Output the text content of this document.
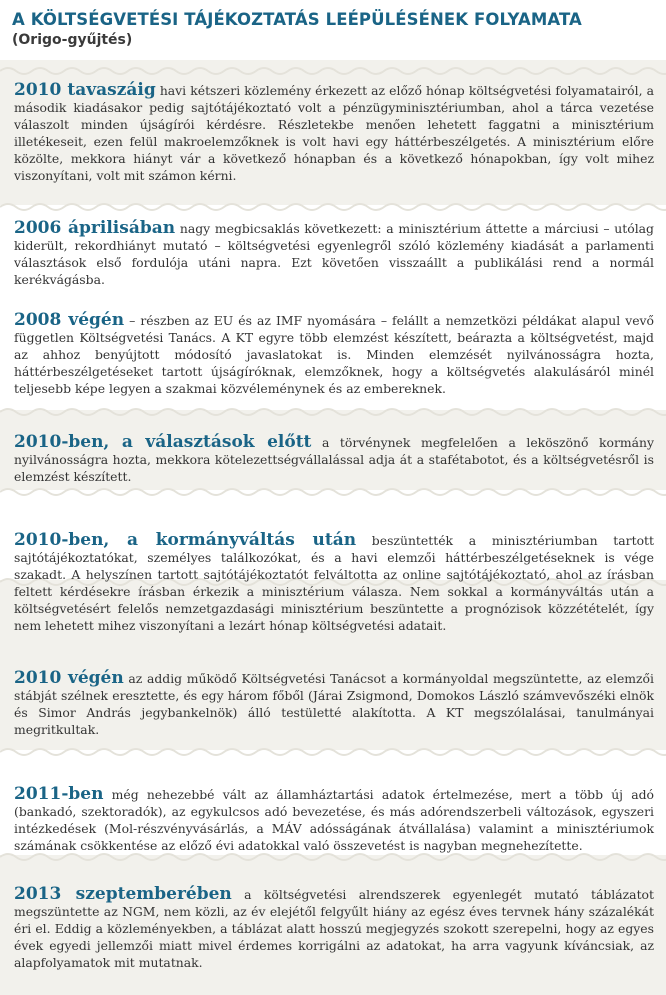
A KÖLTSÉGVETÉSI TÁJÉKOZTATÁS LEÉPÜLÉSÉNEK FOLYAMATA
(Origo-gyűjtés)
2010 tavaszáig havi kétszeri közlemény érkezett az előző hónap költségvetési folyamatairól, a második kiadásakor pedig sajtótájékoztató volt a pénzügyminisztériumban, ahol a tárca vezetése válaszolt minden újságírói kérdésre. Részletekbe menően lehetett faggatni a minisztérium illetékeseit, ezen felül makroelemzőknek is volt havi egy háttérbeszélgetés. A minisztérium előre közölte, mekkora hiányt vár a következő hónapban és a következő hónapokban, így volt mihez viszonyítani, volt mit számon kérni.
2006 áprilisában nagy megbicsaklás következett: a minisztérium áttette a márciusi – utólag kiderült, rekordhiányt mutató – költségvetési egyenlegről szóló közlemény kiadását a parlamenti választások első fordulója utáni napra. Ezt követően visszaállt a publikálási rend a normál kerékvágásba.
2008 végén – részben az EU és az IMF nyomására – felállt a nemzetközi példákat alapul vevő független Költségvetési Tanács. A KT egyre több elemzést készített, beárazta a költségvetést, majd az ahhoz benyújtott módosító javaslatokat is. Minden elemzését nyilvánosságra hozta, háttérbeszélgetéseket tartott újságíróknak, elemzőknek, hogy a költségvetés alakulásáról minél teljesebb képe legyen a szakmai közvéleménynek és az embereknek.
2010-ben, a választások előtt a törvénynek megfelelően a leköszönő kormány nyilvánosságra hozta, mekkora kötelezettségvállalással adja át a stafétabotot, és a költségvetésről is elemzést készített.
2010-ben, a kormányváltás után beszüntették a minisztériumban tartott sajtótájékoztatókat, személyes találkozókat, és a havi elemzői háttérbeszélgetéseknek is vége szakadt. A helyszínen tartott sajtótájékoztatót felváltotta az online sajtótájékoztató, ahol az írásban feltett kérdésekre írásban érkezik a minisztérium válasza. Nem sokkal a kormányváltás után a költségvetésért felelős nemzetgazdasági minisztérium beszüntette a prognózisok közzétételét, így nem lehetett mihez viszonyítani a lezárt hónap költségvetési adatait.
2010 végén az addig működő Költségvetési Tanácsot a kormányoldal megszüntette, az elemzői stábját szélnek eresztette, és egy három főből (Járai Zsigmond, Domokos László számvevőszéki elnök és Simor András jegybankelnök) álló testületté alakította. A KT megszólalásai, tanulmányai megritkultak.
2011-ben még nehezebbé vált az államháztartási adatok értelmezése, mert a több új adó (bankadó, szektoradók), az egykulcsos adó bevezetése, és más adórendszerbeli változások, egyszeri intézkedések (Mol-részvényvásárlás, a MÁV adósságának átvállalása) valamint a minisztériumok számának csökkentése az előző évi adatokkal való összevetést is nagyban megnehezítette.
2013 szeptemberében a költségvetési alrendszerek egyenlegét mutató táblázatot megszüntette az NGM, nem közli, az év elejétől felgyűlt hiány az egész éves tervnek hány százalékát éri el. Eddig a közleményekben, a táblázat alatt hosszú megjegyzés szokott szerepelni, hogy az egyes évek egyedi jellemzői miatt mivel érdemes korrigálni az adatokat, ha arra vagyunk kíváncsiak, az alapfolyamatok mit mutatnak.
